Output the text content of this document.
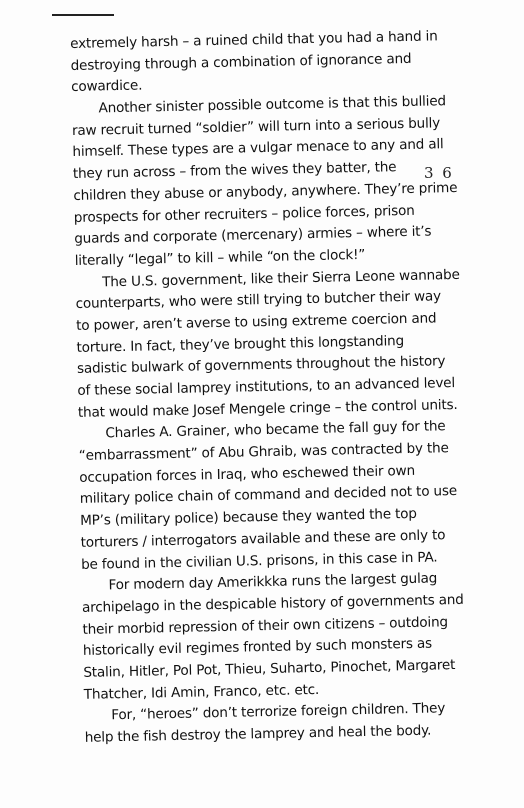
3 6
extremely harsh – a ruined child that you had a hand in
destroying through a combination of ignorance and
cowardice.
Another sinister possible outcome is that this bullied
raw recruit turned “soldier” will turn into a serious bully
himself. These types are a vulgar menace to any and all
they run across – from the wives they batter, the
children they abuse or anybody, anywhere. They’re prime
prospects for other recruiters – police forces, prison
guards and corporate (mercenary) armies – where it’s
literally “legal” to kill – while “on the clock!”
The U.S. government, like their Sierra Leone wannabe
counterparts, who were still trying to butcher their way
to power, aren’t averse to using extreme coercion and
torture. In fact, they’ve brought this longstanding
sadistic bulwark of governments throughout the history
of these social lamprey institutions, to an advanced level
that would make Josef Mengele cringe – the control units.
Charles A. Grainer, who became the fall guy for the
“embarrassment” of Abu Ghraib, was contracted by the
occupation forces in Iraq, who eschewed their own
military police chain of command and decided not to use
MP’s (military police) because they wanted the top
torturers / interrogators available and these are only to
be found in the civilian U.S. prisons, in this case in PA.
For modern day Amerikkka runs the largest gulag
archipelago in the despicable history of governments and
their morbid repression of their own citizens – outdoing
historically evil regimes fronted by such monsters as
Stalin, Hitler, Pol Pot, Thieu, Suharto, Pinochet, Margaret
Thatcher, Idi Amin, Franco, etc. etc.
For, “heroes” don’t terrorize foreign children. They
help the fish destroy the lamprey and heal the body.
